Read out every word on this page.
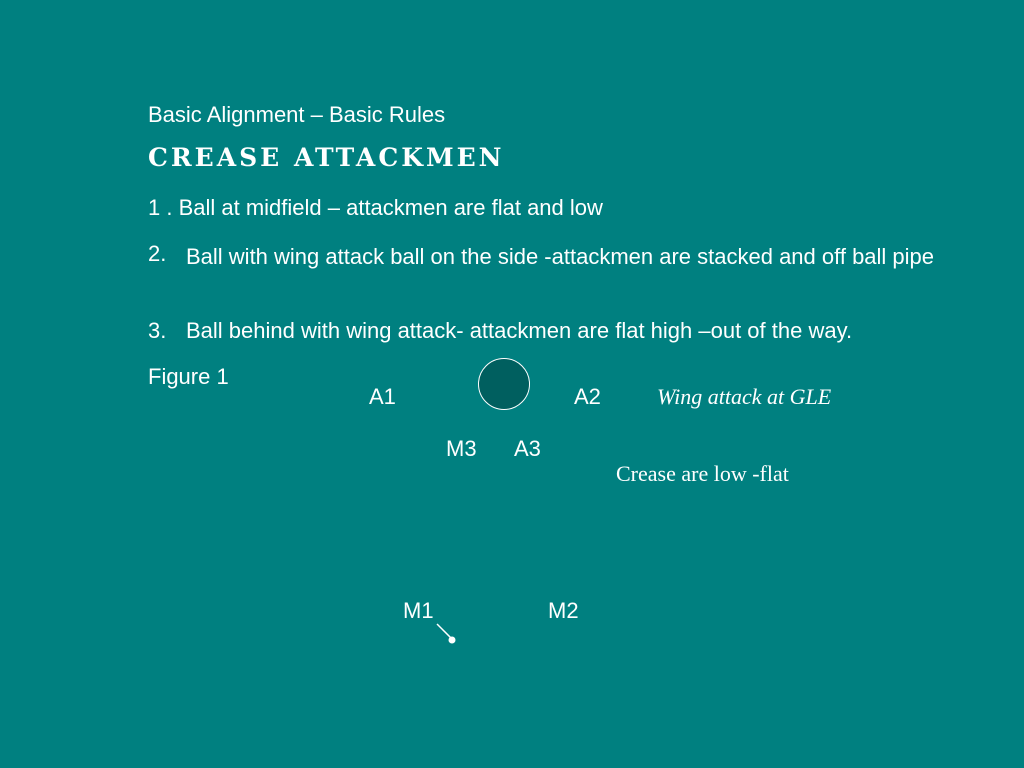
Basic Alignment – Basic Rules
CREASE ATTACKMEN
1 . Ball at midfield – attackmen are flat and low
2. Ball with wing attack ball on the side -attackmen are stacked and off ball pipe
3. Ball behind with wing attack- attackmen are flat high –out of the way.
Figure 1
A1	A2
M3 A3
M1	M2
Wing attack at GLE
Crease are low -flat
